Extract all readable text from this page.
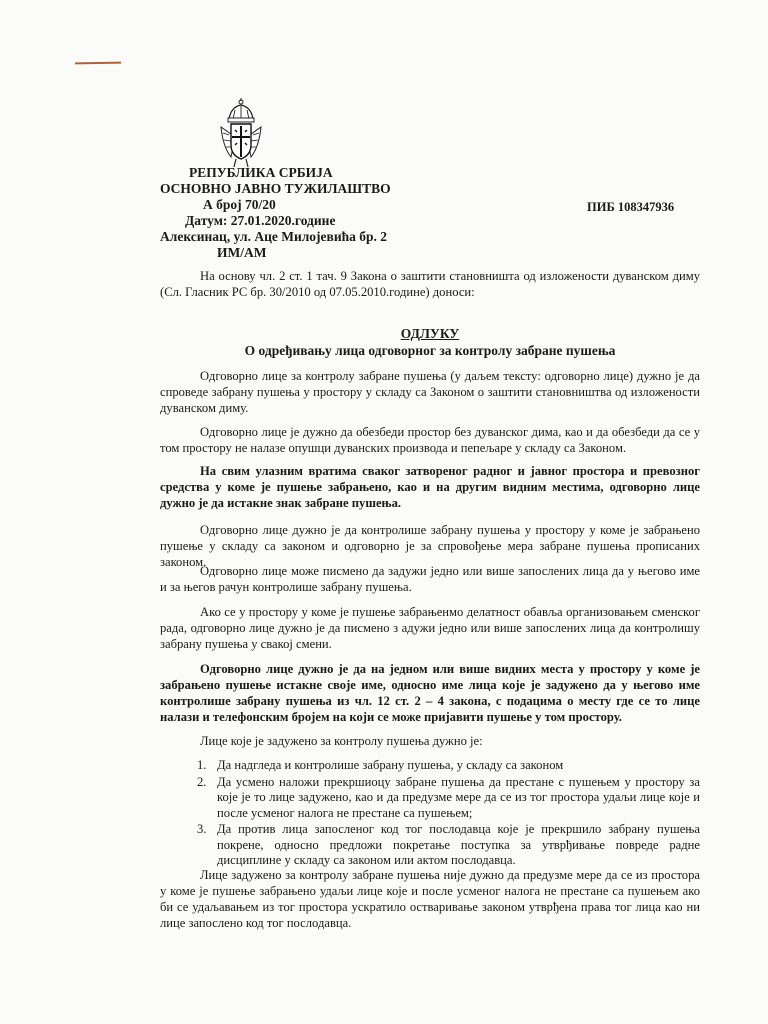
РЕПУБЛИКА СРБИЈА
ОСНОВНО ЈАВНО ТУЖИЛАШТВО
А број 70/20
Датум: 27.01.2020.године
Алексинац, ул. Аце Милојевића бр. 2
ИМ/АМ
ПИБ 108347936
На основу чл. 2 ст. 1 тач. 9 Закона о заштити становништа од изложености дуванском диму (Сл. Гласник РС бр. 30/2010 од 07.05.2010.године) доноси:
ОДЛУКУ
О одређивању лица одговорног за контролу забране пушења
Одговорно лице за контролу забране пушења (у даљем тексту: одговорно лице) дужно је да спроведе забрану пушења у простору у складу са Законом о заштити становништва од изложености дуванском диму.
Одговорно лице је дужно да обезбеди простор без дуванског дима, као и да обезбеди да се у том простору не налазе опушци дуванских производа и пепељаре у складу са Законом.
На свим улазним вратима сваког затвореног радног и јавног простора и превозног средства у коме је пушење забрањено, као и на другим видним местима, одговорно лице дужно је да истакне знак забране пушења.
Одговорно лице дужно је да контролише забрану пушења у простору у коме је забрањено пушење у складу са законом и одговорно је за спровођење мера забране пушења прописаних законом.
Одговорно лице може писмено да задужи једно или више запослених лица да у његово име и за његов рачун контролише забрану пушења.
Ако се у простору у коме је пушење забрањенмо делатност обавља организовањем сменског рада, одговорно лице дужно је да писмено з адужи једно или више запослених лица да контролишу забрану пушења у свакој смени.
Одговорно лице дужно је да на једном или више видних места у простору у коме је забрањено пушење истакне своје име, односно име лица које је задужено да у његово име контролише забрану пушења из чл. 12 ст. 2 – 4 закона, с подацима о месту где се то лице налази и телефонским бројем на који се може пријавити пушење у том простору.
Лице које је задужено за контролу пушења дужно је:
1. Да надгледа и контролише забрану пушења, у складу са законом
2. Да усмено наложи прекршиоцу забране пушења да престане с пушењем у простору за које је то лице задужено, као и да предузме мере да се из тог простора удаљи лице које и после усменог налога не престане са пушењем;
3. Да против лица запосленог код тог послодавца које је прекршило забрану пушења покрене, односно предложи покретање поступка за утврђивање повреде радне дисциплине у складу са законом или актом послодавца.
Лице задужено за контролу забране пушења није дужно да предузме мере да се из простора у коме је пушење забрањено удаљи лице које и после усменог налога не престане са пушењем ако би се удаљавањем из тог простора ускратило остваривање законом утврђена права тог лица као ни лице запослено код тог послодавца.
